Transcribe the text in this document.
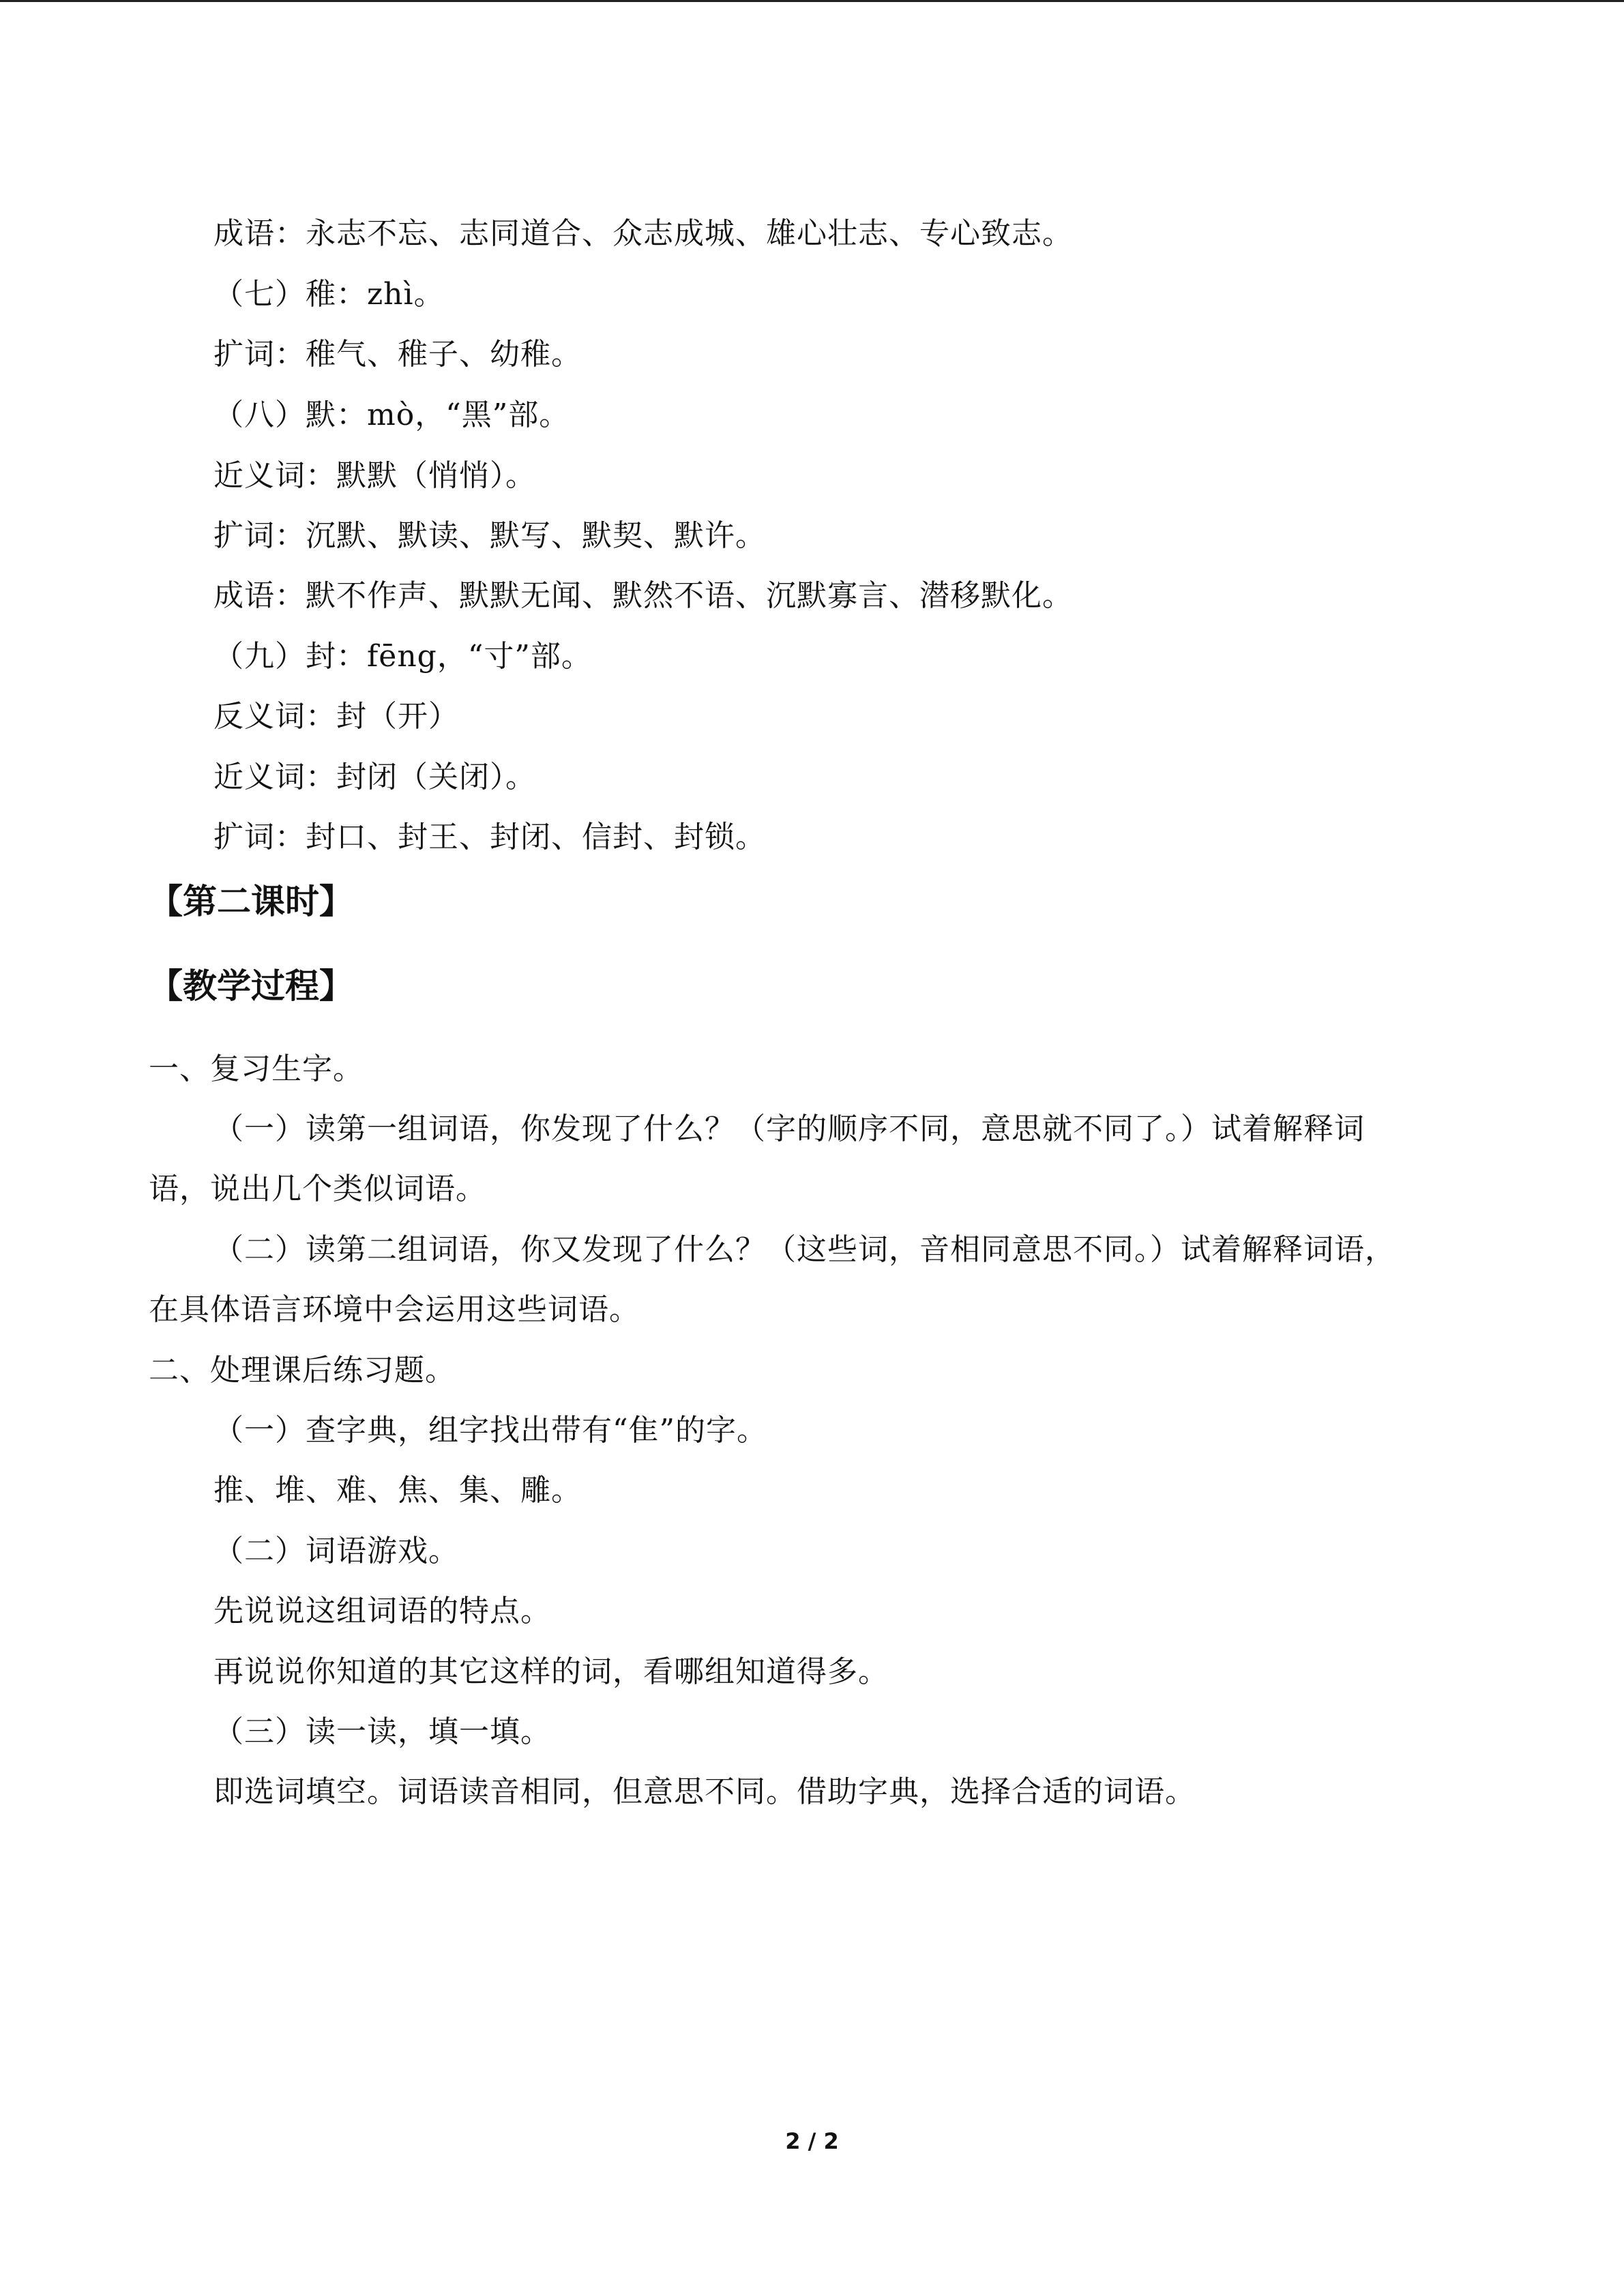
成语：永志不忘、志同道合、众志成城、雄心壮志、专心致志。
（七）稚：zhì。
扩词：稚气、稚子、幼稚。
（八）默：mò，“黑”部。
近义词：默默（悄悄）。
扩词：沉默、默读、默写、默契、默许。
成语：默不作声、默默无闻、默然不语、沉默寡言、潜移默化。
（九）封：fēng，“寸”部。
反义词：封（开）
近义词：封闭（关闭）。
扩词：封口、封王、封闭、信封、封锁。
【第二课时】
【教学过程】
一、复习生字。
（一）读第一组词语，你发现了什么？（字的顺序不同，意思就不同了。）试着解释词
语，说出几个类似词语。
（二）读第二组词语，你又发现了什么？（这些词，音相同意思不同。）试着解释词语，
在具体语言环境中会运用这些词语。
二、处理课后练习题。
（一）查字典，组字找出带有“隹”的字。
推、堆、难、焦、集、雕。
（二）词语游戏。
先说说这组词语的特点。
再说说你知道的其它这样的词，看哪组知道得多。
（三）读一读，填一填。
即选词填空。词语读音相同，但意思不同。借助字典，选择合适的词语。
2 / 2
